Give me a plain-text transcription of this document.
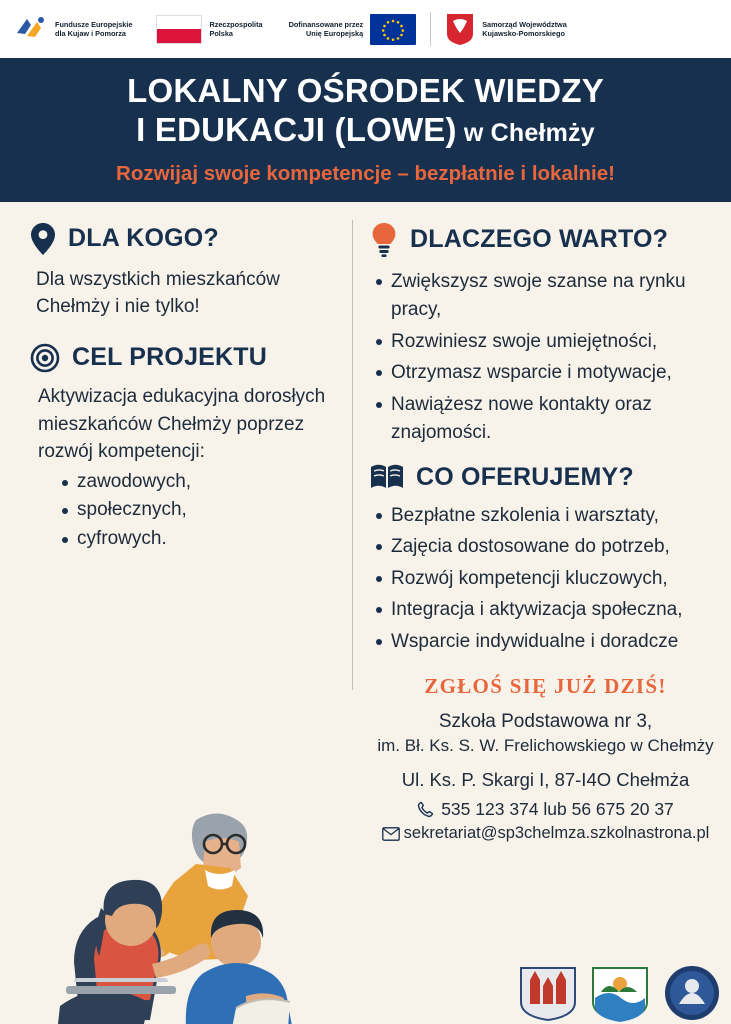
Fundusze Europejskie
dla Kujaw i Pomorza
Rzeczpospolita
Polska
Dofinansowane przez
Unię Europejską
Samorząd Województwa
Kujawsko-Pomorskiego
LOKALNY OŚRODEK WIEDZY
I EDUKACJI (LOWE) w Chełmży
Rozwijaj swoje kompetencje – bezpłatnie i lokalnie!
DLA KOGO?
Dla wszystkich mieszkańców Chełmży i nie tylko!
CEL PROJEKTU
Aktywizacja edukacyjna dorosłych mieszkańców Chełmży poprzez rozwój kompetencji:
zawodowych,
społecznych,
cyfrowych.
DLACZEGO WARTO?
Zwiększysz swoje szanse na rynku pracy,
Rozwiniesz swoje umiejętności,
Otrzymasz wsparcie i motywacje,
Nawiążesz nowe kontakty oraz znajomości.
CO OFERUJEMY?
Bezpłatne szkolenia i warsztaty,
Zajęcia dostosowane do potrzeb,
Rozwój kompetencji kluczowych,
Integracja i aktywizacja społeczna,
Wsparcie indywidualne i doradcze
ZGŁOŚ SIĘ JUŻ DZIŚ!
Szkoła Podstawowa nr 3,
im. Bł. Ks. S. W. Frelichowskiego w Chełmży
Ul. Ks. P. Skargi I, 87-I4O Chełmża
535 123 374 lub 56 675 20 37
sekretariat@sp3chelmza.szkolnastrona.pl
